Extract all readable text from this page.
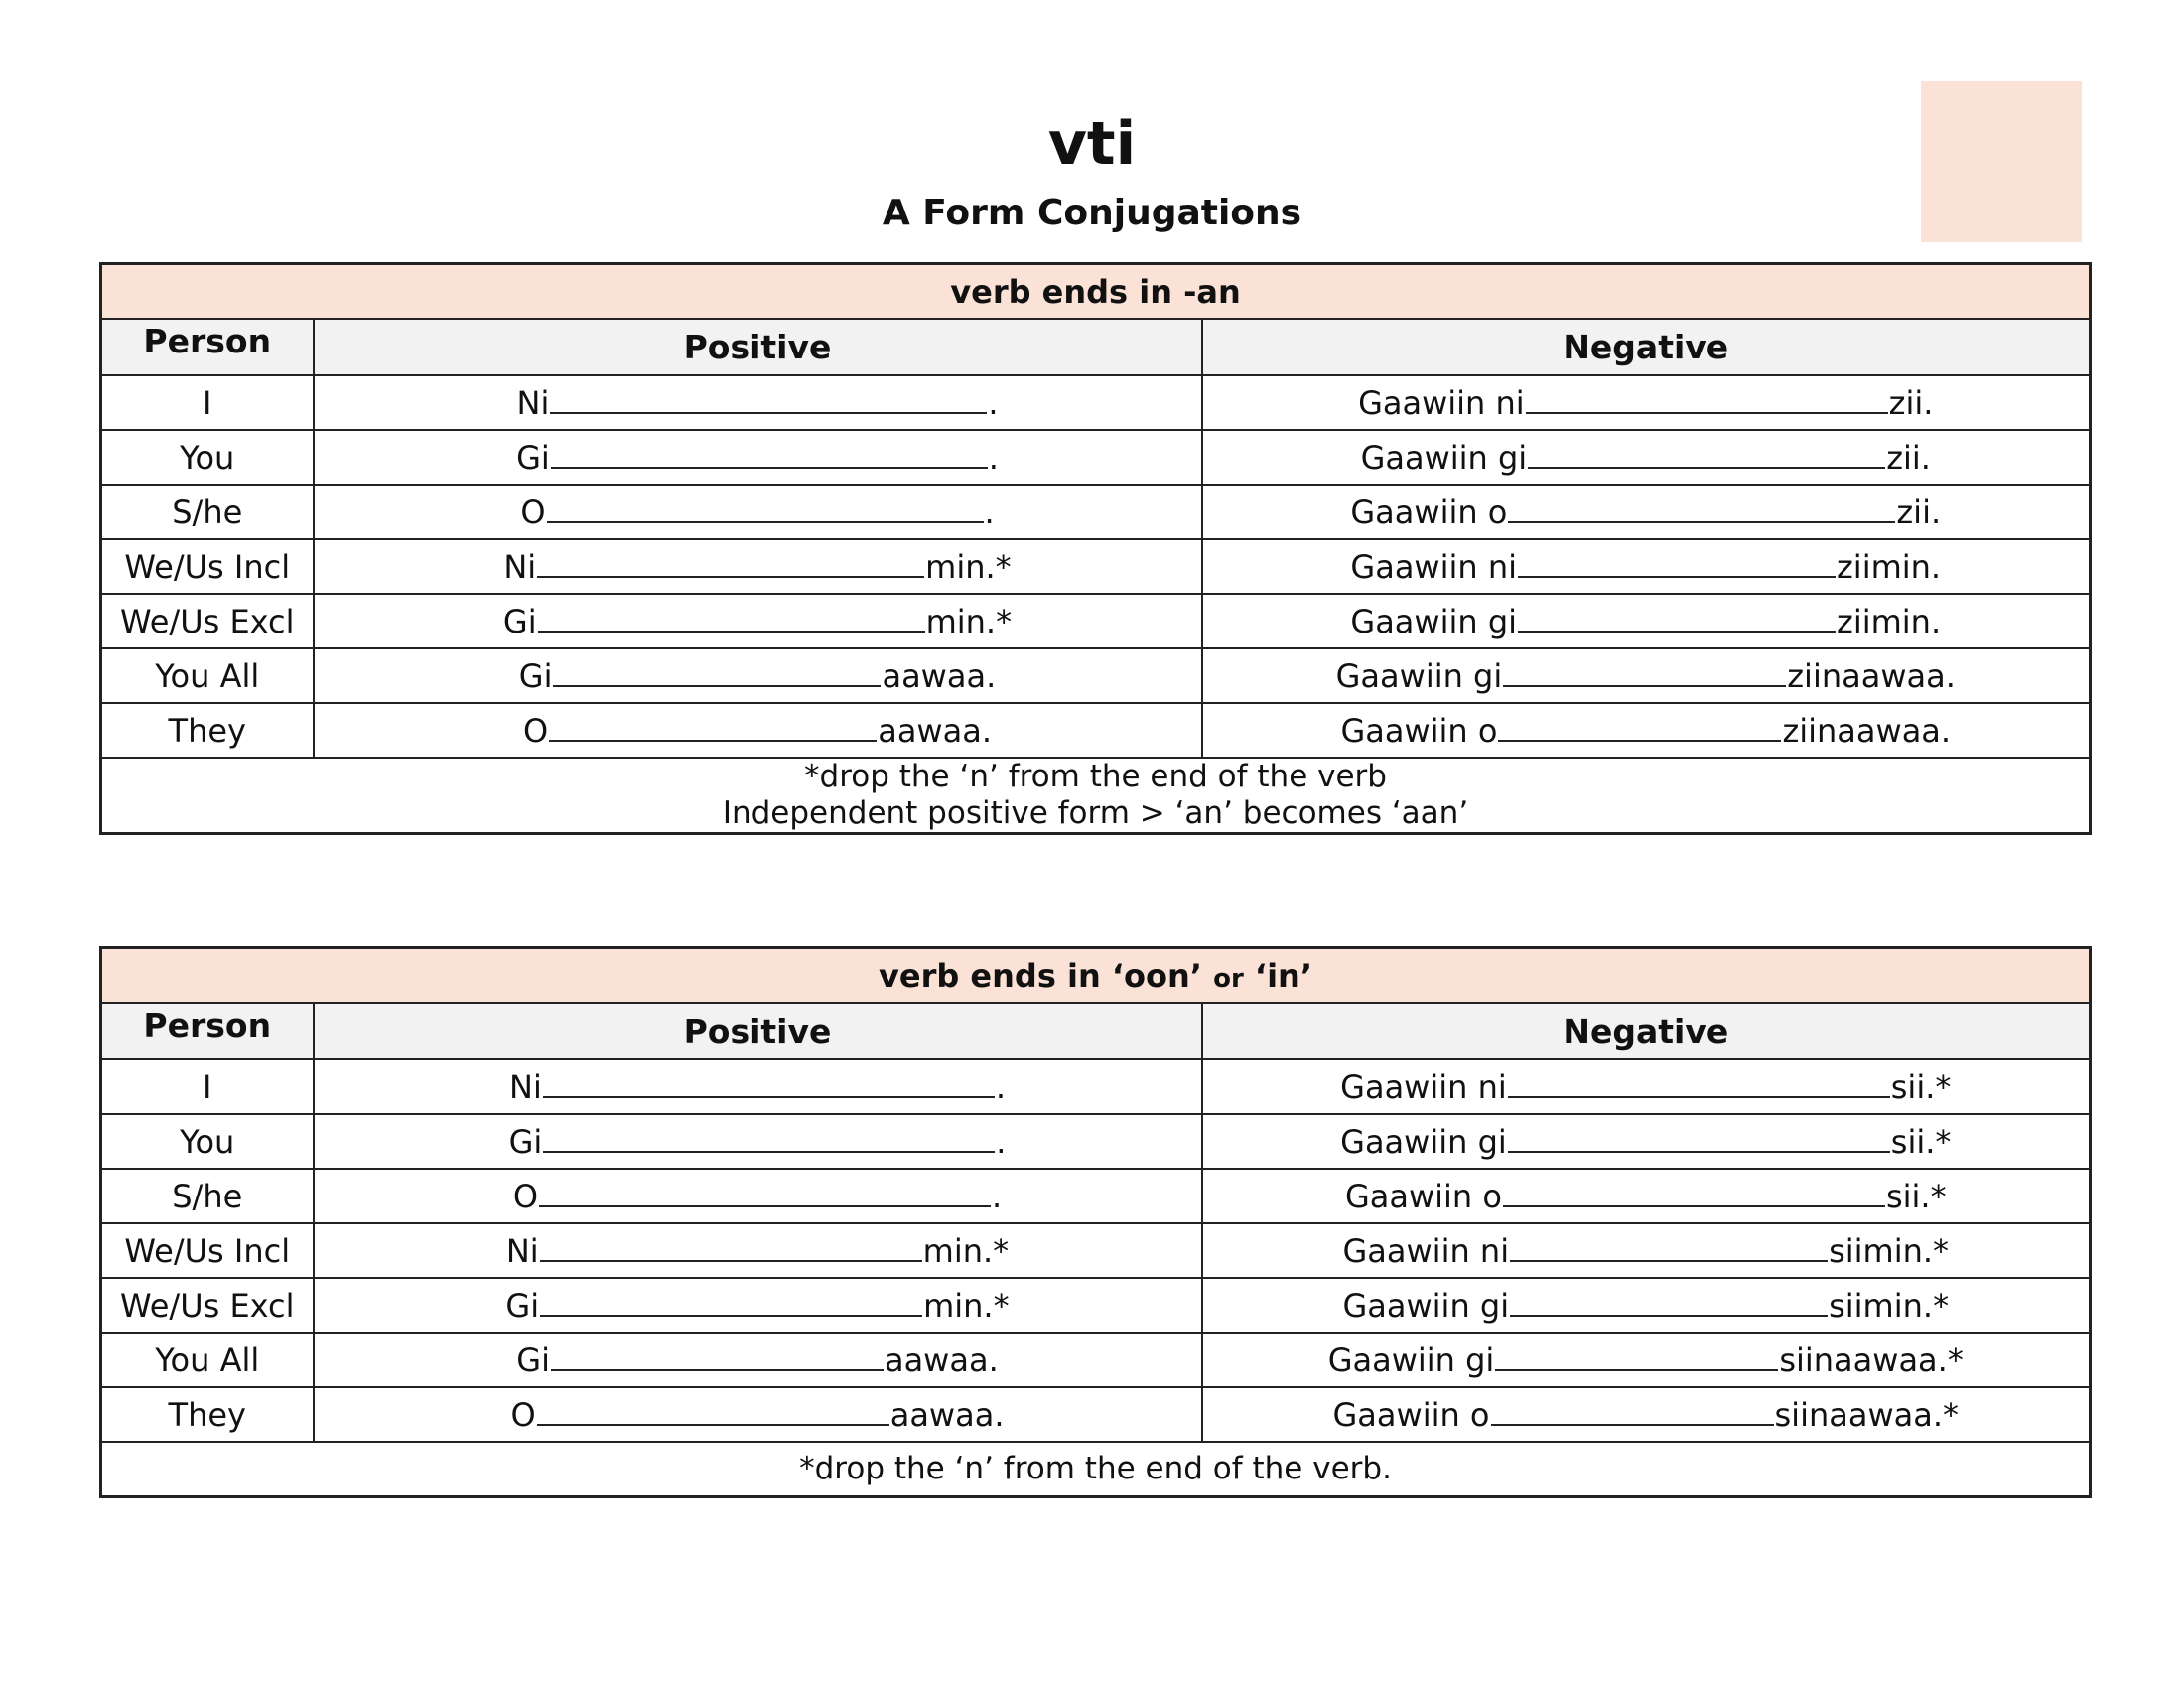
vti
A Form Conjugations
verb ends in -an		
Person	Positive	Negative
I	Ni .	Gaawiin ni zii.
You	Gi .	Gaawiin gi zii.
S/he	O .	Gaawiin o zii.
We/Us Incl	Ni min.*	Gaawiin ni ziimin.
We/Us Excl	Gi min.*	Gaawiin gi ziimin.
You All	Gi aawaa.	Gaawiin gi ziinaawaa.
They	O aawaa.	Gaawiin o ziinaawaa.

*drop the ‘n’ from the end of the verb
Independent positive form > ‘an’ becomes ‘aan’		
verb ends in ‘oon’ or ‘in’		
Person	Positive	Negative
I	Ni .	Gaawiin ni sii.*
You	Gi .	Gaawiin gi sii.*
S/he	O .	Gaawiin o sii.*
We/Us Incl	Ni min.*	Gaawiin ni siimin.*
We/Us Excl	Gi min.*	Gaawiin gi siimin.*
You All	Gi aawaa.	Gaawiin gi siinaawaa.*
They	O aawaa.	Gaawiin o siinaawaa.*
*drop the ‘n’ from the end of the verb.		
